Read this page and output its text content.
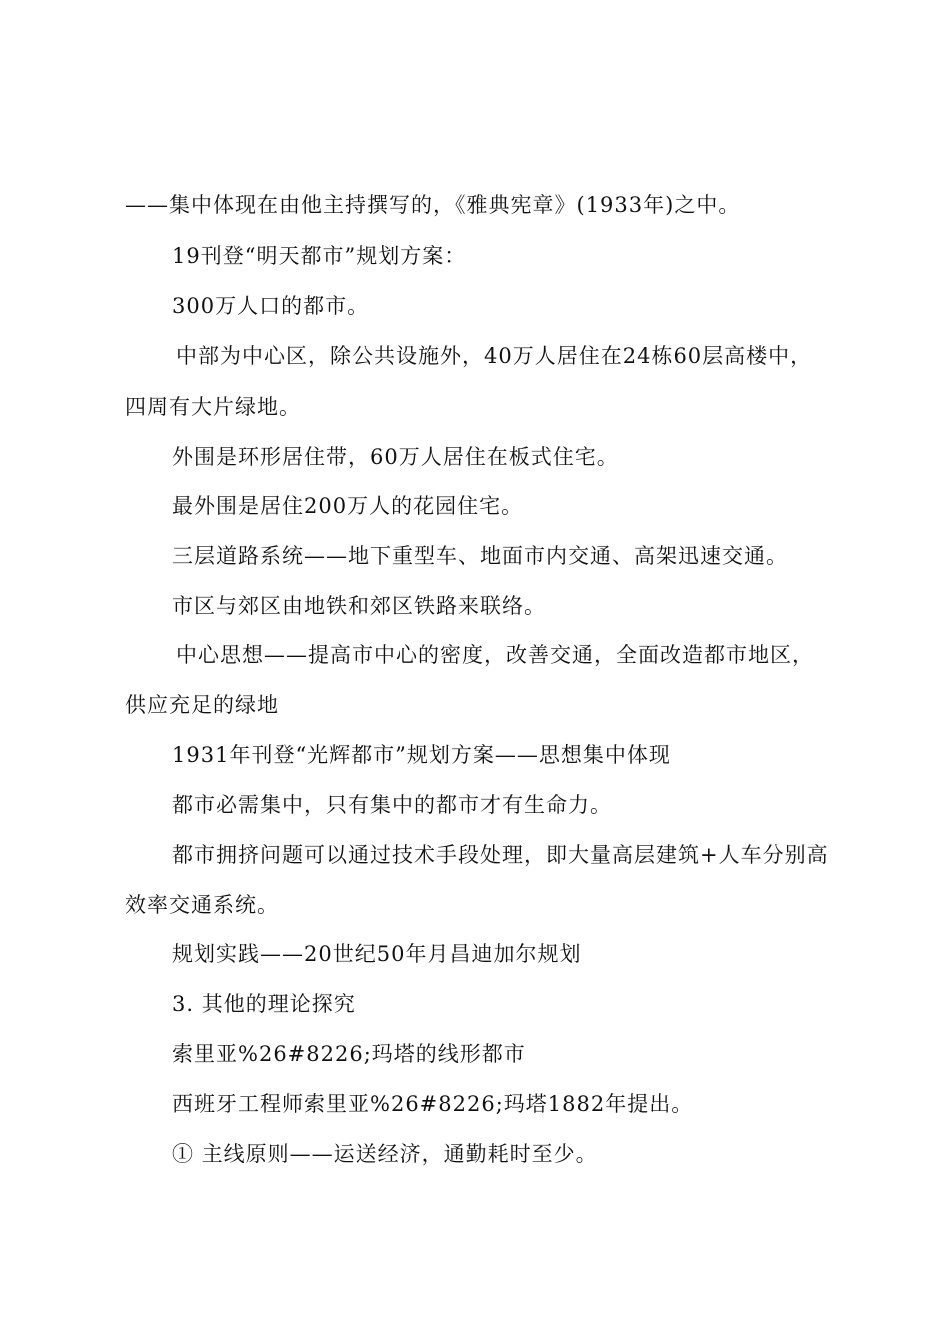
——集中体现在由他主持撰写的，《雅典宪章》(1933年)之中。
19刊登“明天都市”规划方案：
300万人口的都市。
中部为中心区，除公共设施外，40万人居住在24栋60层高楼中，
四周有大片绿地。
外围是环形居住带，60万人居住在板式住宅。
最外围是居住200万人的花园住宅。
三层道路系统——地下重型车、地面市内交通、高架迅速交通。
市区与郊区由地铁和郊区铁路来联络。
中心思想——提高市中心的密度，改善交通，全面改造都市地区，
供应充足的绿地
1931年刊登“光辉都市”规划方案——思想集中体现
都市必需集中，只有集中的都市才有生命力。
都市拥挤问题可以通过技术手段处理，即大量高层建筑+人车分别高
效率交通系统。
规划实践——20世纪50年月昌迪加尔规划
3. 其他的理论探究
索里亚%26#8226;玛塔的线形都市
西班牙工程师索里亚%26#8226;玛塔1882年提出。
① 主线原则——运送经济，通勤耗时至少。
